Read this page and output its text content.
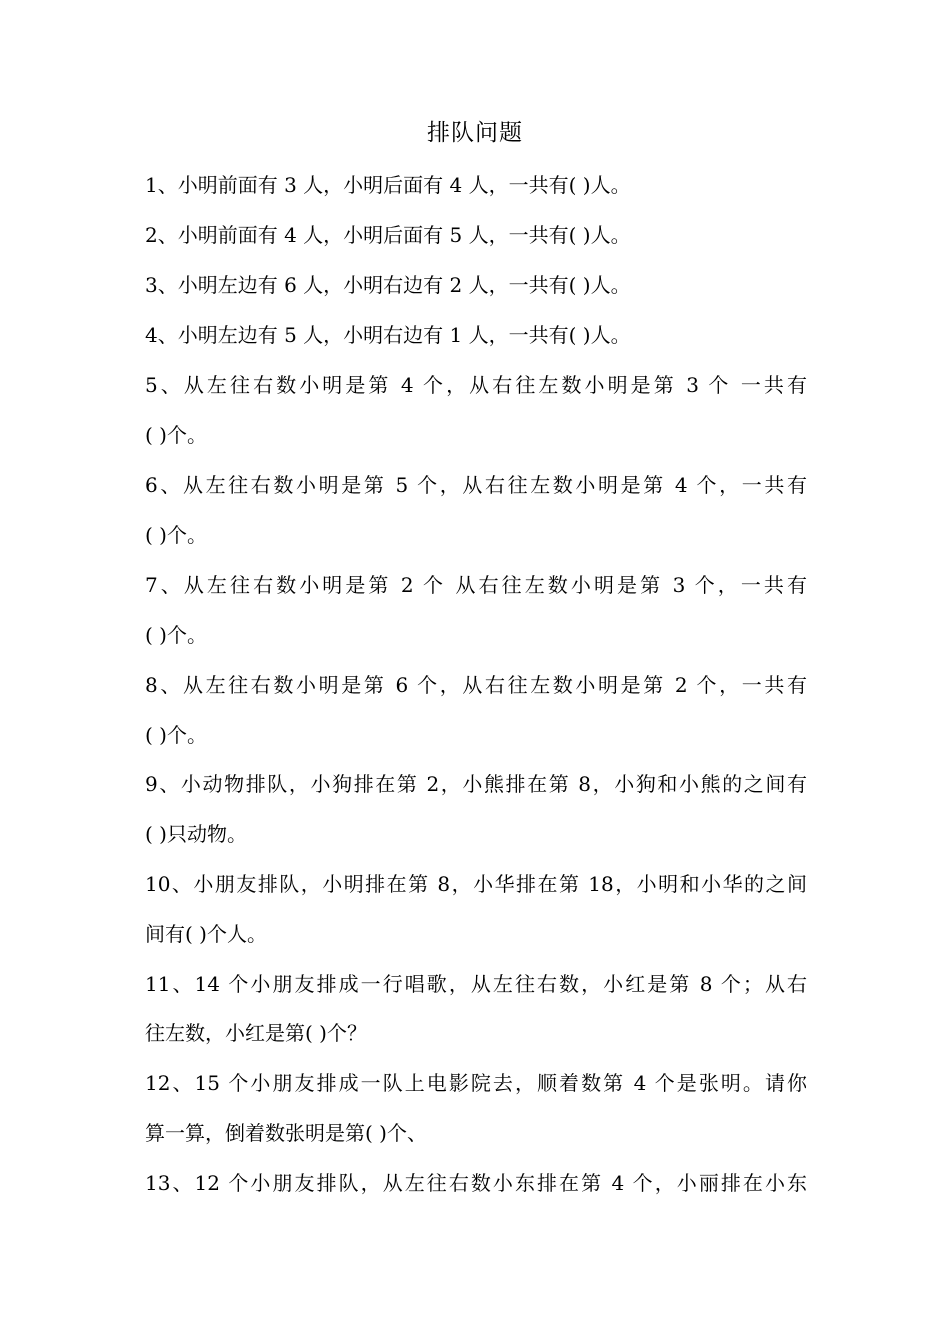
排队问题
1、小明前面有 3 人，小明后面有 4 人，一共有( )人。
2、小明前面有 4 人，小明后面有 5 人，一共有( )人。
3、小明左边有 6 人，小明右边有 2 人，一共有( )人。
4、小明左边有 5 人，小明右边有 1 人，一共有( )人。
5、从左往右数小明是第 4 个，从右往左数小明是第 3 个 一共有
( )个。
6、从左往右数小明是第 5 个，从右往左数小明是第 4 个，一共有
( )个。
7、从左往右数小明是第 2 个 从右往左数小明是第 3 个，一共有
( )个。
8、从左往右数小明是第 6 个，从右往左数小明是第 2 个，一共有
( )个。
9、小动物排队，小狗排在第 2，小熊排在第 8，小狗和小熊的之间有
( )只动物。
10、小朋友排队，小明排在第 8，小华排在第 18，小明和小华的之间
间有( )个人。
11、14 个小朋友排成一行唱歌，从左往右数，小红是第 8 个；从右
往左数，小红是第( )个？
12、15 个小朋友排成一队上电影院去，顺着数第 4 个是张明。请你
算一算，倒着数张明是第( )个、
13、12 个小朋友排队，从左往右数小东排在第 4 个，小丽排在小东
